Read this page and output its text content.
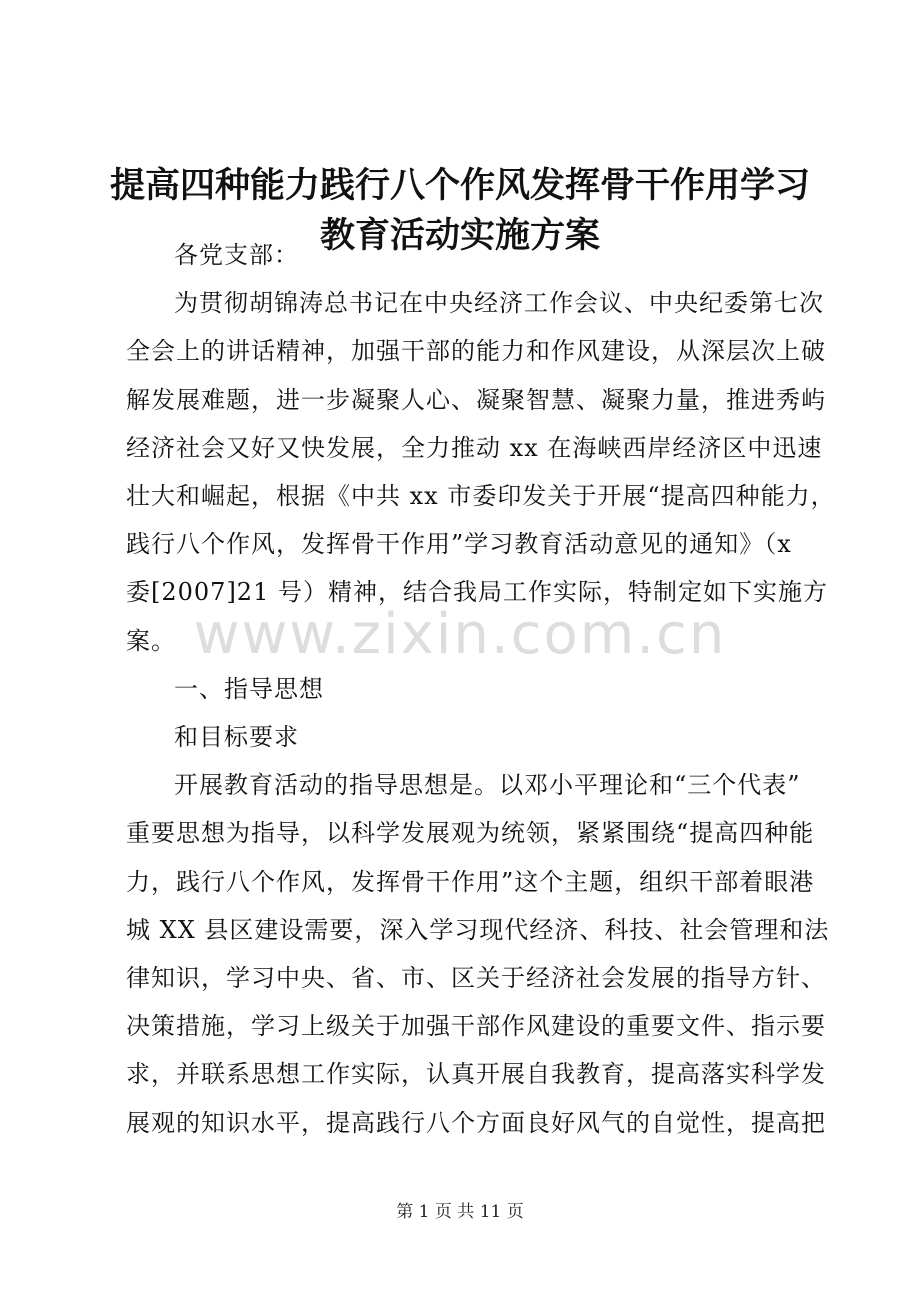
提高四种能力践行八个作风发挥骨干作用学习
教育活动实施方案
各党支部：
为贯彻胡锦涛总书记在中央经济工作会议、中央纪委第七次
全会上的讲话精神，加强干部的能力和作风建设，从深层次上破
解发展难题，进一步凝聚人心、凝聚智慧、凝聚力量，推进秀屿
经济社会又好又快发展，全力推动 xx 在海峡西岸经济区中迅速
壮大和崛起，根据《中共 xx 市委印发关于开展“提高四种能力，
践行八个作风，发挥骨干作用”学习教育活动意见的通知》（x
委[2007]21 号）精神，结合我局工作实际，特制定如下实施方
案。
一、指导思想
和目标要求
开展教育活动的指导思想是。以邓小平理论和“三个代表”
重要思想为指导，以科学发展观为统领，紧紧围绕“提高四种能
力，践行八个作风，发挥骨干作用”这个主题，组织干部着眼港
城 XX 县区建设需要，深入学习现代经济、科技、社会管理和法
律知识，学习中央、省、市、区关于经济社会发展的指导方针、
决策措施，学习上级关于加强干部作风建设的重要文件、指示要
求，并联系思想工作实际，认真开展自我教育，提高落实科学发
展观的知识水平，提高践行八个方面良好风气的自觉性，提高把
www.zixin.com.cn
第 1 页 共 11 页
